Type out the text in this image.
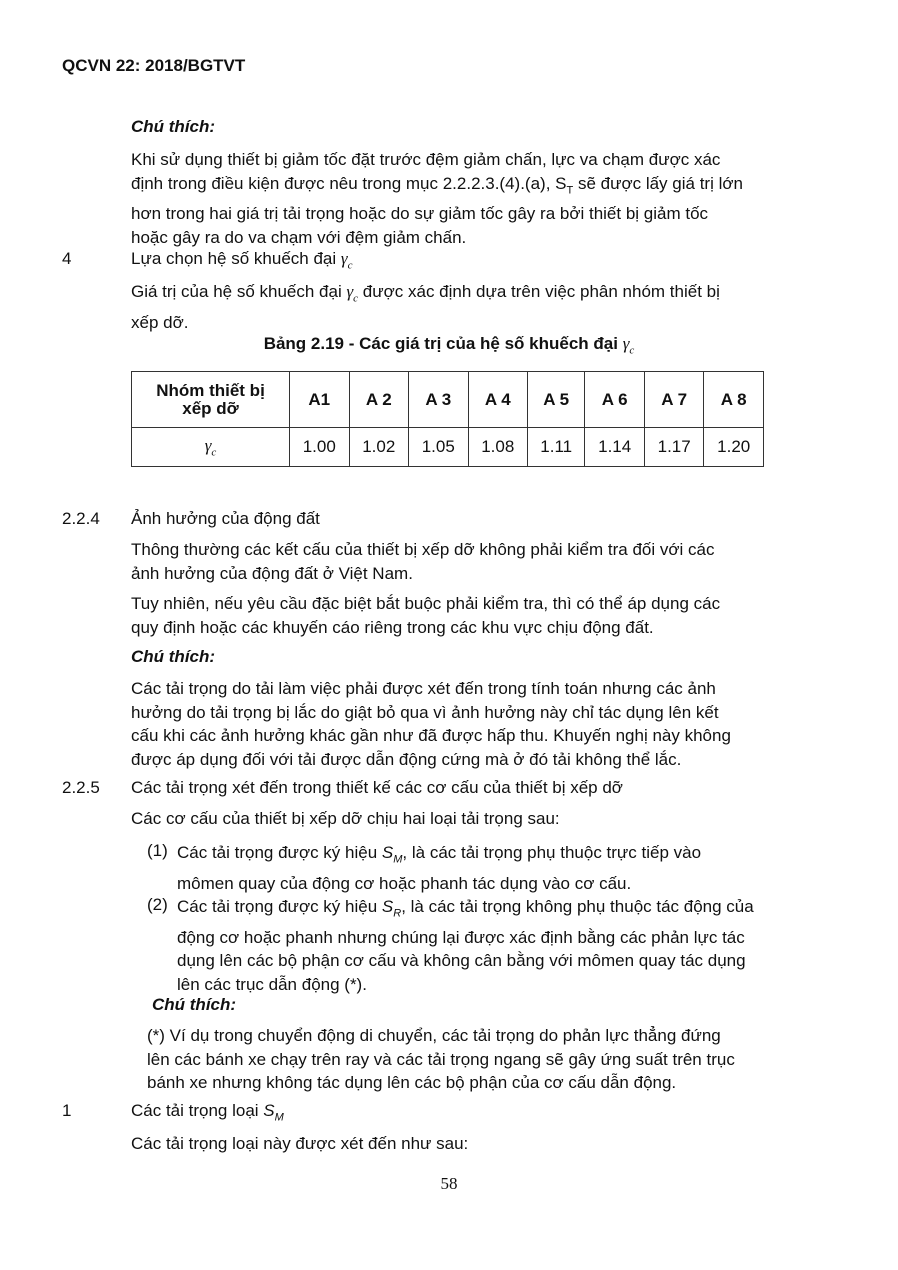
QCVN 22: 2018/BGTVT
Chú thích:
Khi sử dụng thiết bị giảm tốc đặt trước đệm giảm chấn, lực va chạm được xác
định trong điều kiện được nêu trong mục 2.2.2.3.(4).(a), $S_T$ sẽ được lấy giá trị lớn
hơn trong hai giá trị tải trọng hoặc do sự giảm tốc gây ra bởi thiết bị giảm tốc
hoặc gây ra do va chạm với đệm giảm chấn.
4	Lựa chọn hệ số khuếch đại $\gamma_c$
Giá trị của hệ số khuếch đại $\gamma_c$ được xác định dựa trên việc phân nhóm thiết bị
xếp dỡ.
Bảng 2.19 - Các giá trị của hệ số khuếch đại $\gamma_c$
Nhóm thiết bị
xếp dỡ	A1	A 2	A 3	A 4	A 5	A 6	A 7	A 8
$\gamma_c$	1.00	1.02	1.05	1.08	1.11	1.14	1.17	1.20
2.2.4 Ảnh hưởng của động đất
Thông thường các kết cấu của thiết bị xếp dỡ không phải kiểm tra đối với các
ảnh hưởng của động đất ở Việt Nam.
Tuy nhiên, nếu yêu cầu đặc biệt bắt buộc phải kiểm tra, thì có thể áp dụng các
quy định hoặc các khuyến cáo riêng trong các khu vực chịu động đất.
Chú thích:
Các tải trọng do tải làm việc phải được xét đến trong tính toán nhưng các ảnh
hưởng do tải trọng bị lắc do giật bỏ qua vì ảnh hưởng này chỉ tác dụng lên kết
cấu khi các ảnh hưởng khác gần như đã được hấp thu. Khuyến nghị này không
được áp dụng đối với tải được dẫn động cứng mà ở đó tải không thể lắc.
2.2.5 Các tải trọng xét đến trong thiết kế các cơ cấu của thiết bị xếp dỡ
Các cơ cấu của thiết bị xếp dỡ chịu hai loại tải trọng sau:
(1) Các tải trọng được ký hiệu $S_M$, là các tải trọng phụ thuộc trực tiếp vào
mômen quay của động cơ hoặc phanh tác dụng vào cơ cấu.
(2) Các tải trọng được ký hiệu $S_R$, là các tải trọng không phụ thuộc tác động của
động cơ hoặc phanh nhưng chúng lại được xác định bằng các phản lực tác
dụng lên các bộ phận cơ cấu và không cân bằng với mômen quay tác dụng
lên các trục dẫn động (*).
Chú thích:
(*) Ví dụ trong chuyển động di chuyển, các tải trọng do phản lực thẳng đứng
lên các bánh xe chạy trên ray và các tải trọng ngang sẽ gây ứng suất trên trục
bánh xe nhưng không tác dụng lên các bộ phận của cơ cấu dẫn động.
1	Các tải trọng loại $S_M$
Các tải trọng loại này được xét đến như sau:
58
